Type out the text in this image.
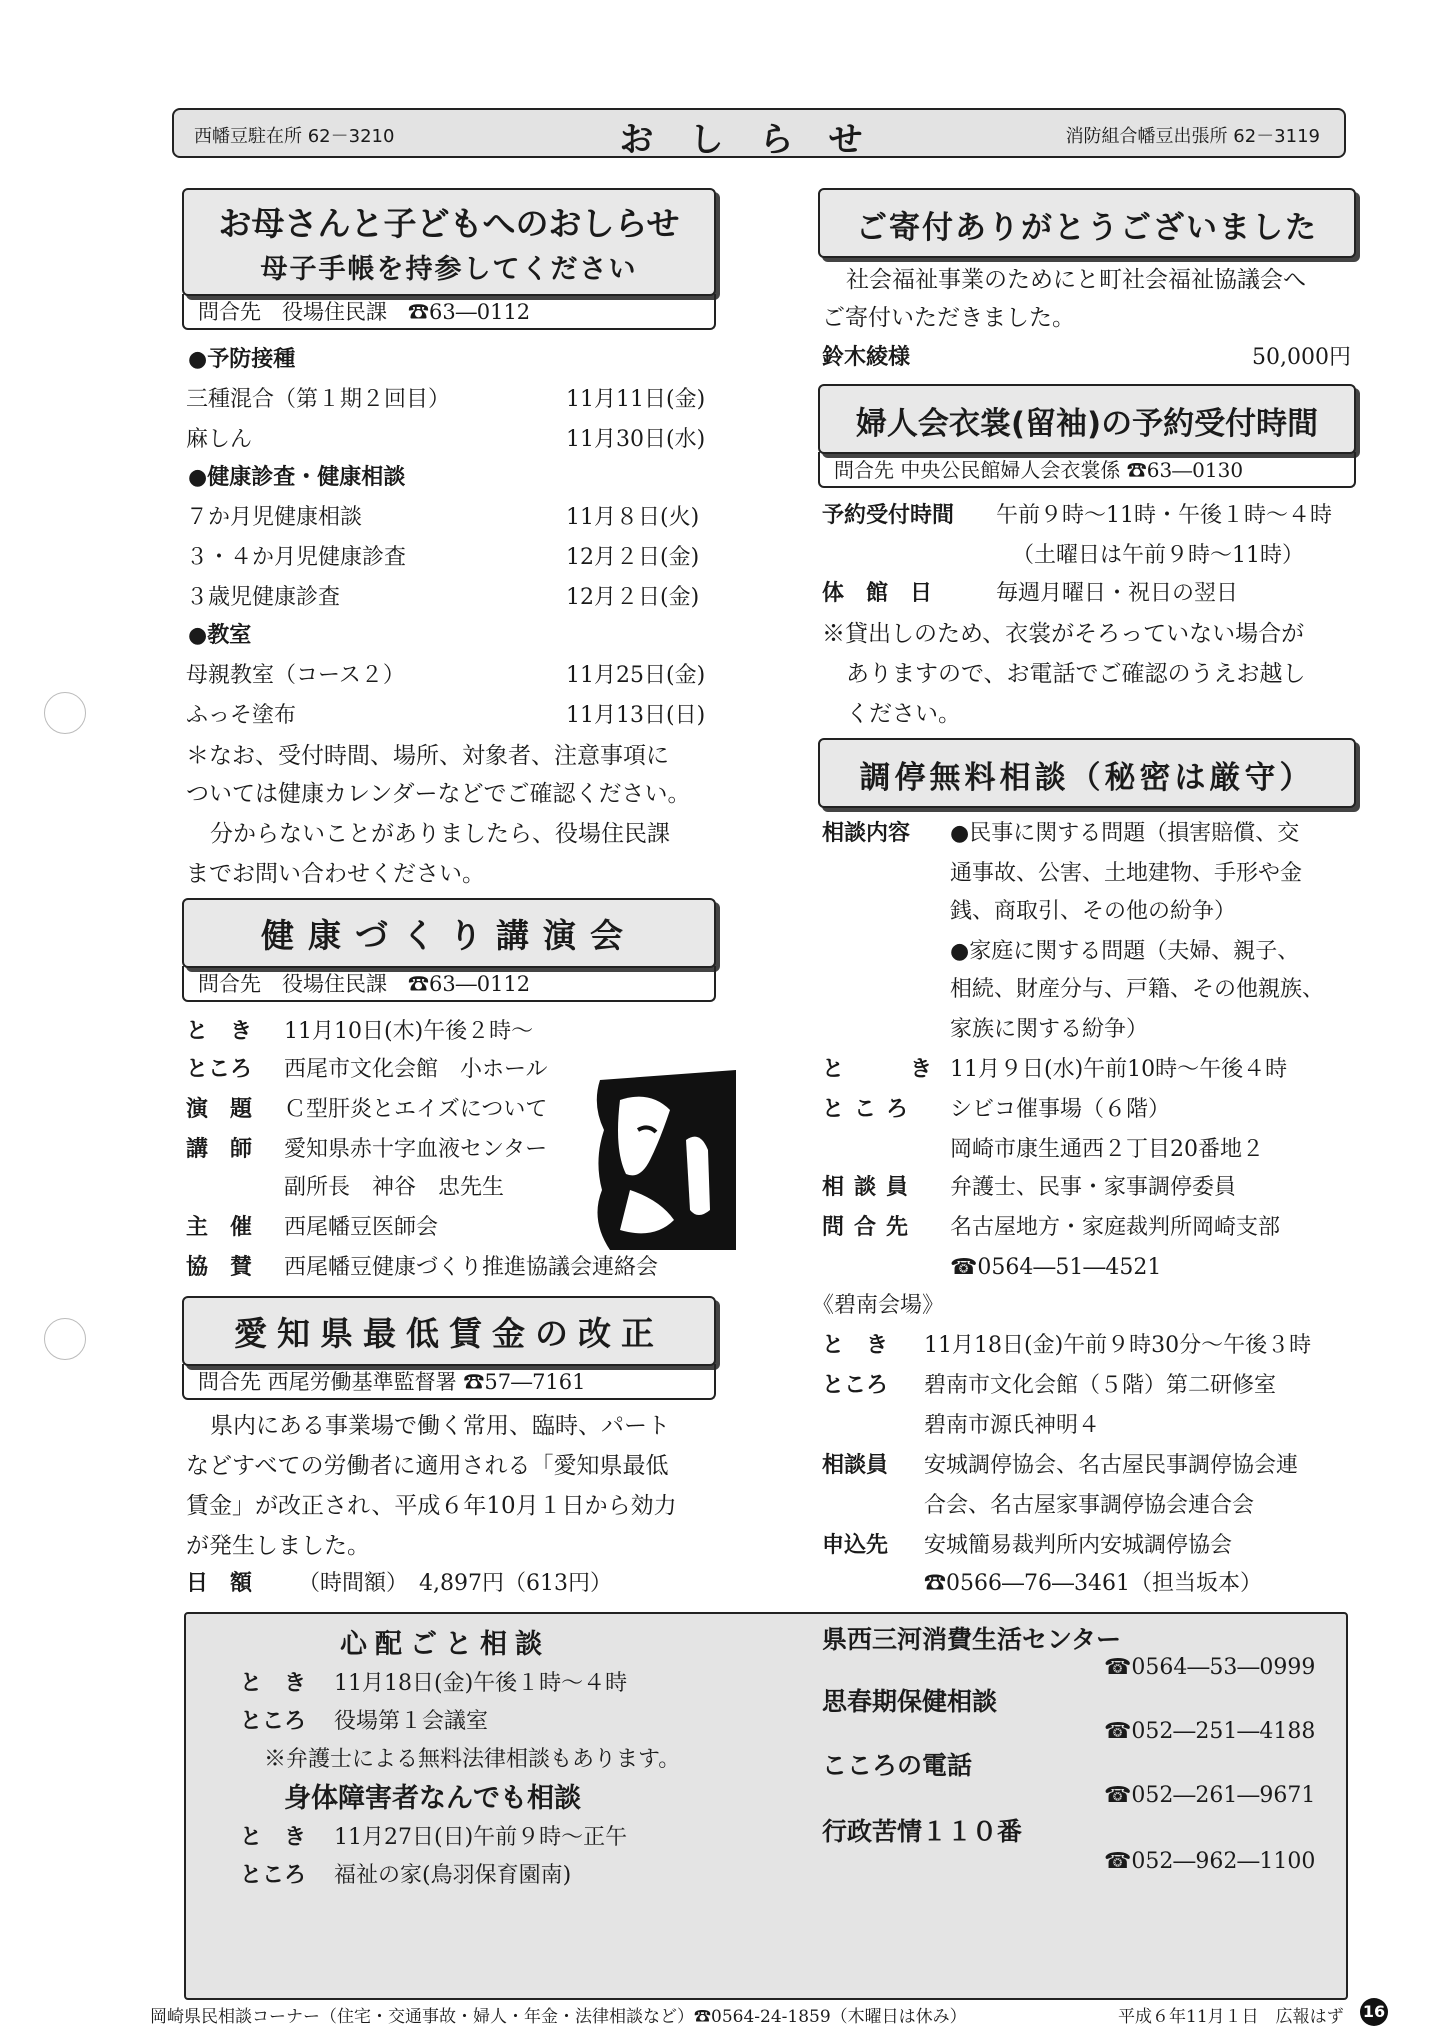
西幡豆駐在所 62－3210	おしらせ	消防組合幡豆出張所 62－3119
お母さんと子どもへのおしらせ
母子手帳を持参してください
問合先　役場住民課　☎63―0112
●予防接種
三種混合（第１期２回目）	11月11日(金)
麻しん	11月30日(水)
●健康診査・健康相談
７か月児健康相談	11月８日(火)
３・４か月児健康診査	12月２日(金)
３歳児健康診査	12月２日(金)
●教室
母親教室（コース２）	11月25日(金)
ふっそ塗布	11月13日(日)
＊なお、受付時間、場所、対象者、注意事項に
ついては健康カレンダーなどでご確認ください。
分からないことがありましたら、役場住民課
までお問い合わせください。
健康づくり講演会
問合先　役場住民課　☎63―0112
と　き 11月10日(木)午後２時～
ところ 西尾市文化会館　小ホール
演　題 Ｃ型肝炎とエイズについて
講　師 愛知県赤十字血液センター
副所長　神谷　忠先生
主　催 西尾幡豆医師会
協　賛 西尾幡豆健康づくり推進協議会連絡会
愛知県最低賃金の改正
問合先 西尾労働基準監督署 ☎57―7161
県内にある事業場で働く常用、臨時、パート
などすべての労働者に適用される「愛知県最低
賃金」が改正され、平成６年10月１日から効力
が発生しました。
日　額 （時間額）　4,897円（613円）
ご寄付ありがとうございました
社会福祉事業のためにと町社会福祉協議会へ
ご寄付いただきました。
鈴木綾様	50,000円
婦人会衣裳(留袖)の予約受付時間
問合先 中央公民館婦人会衣裳係 ☎63―0130
予約受付時間 午前９時～11時・午後１時～４時
（土曜日は午前９時～11時）
体　館　日	毎週月曜日・祝日の翌日
※貸出しのため、衣裳がそろっていない場合が
ありますので、お電話でご確認のうえお越し
ください。
調停無料相談（秘密は厳守）
相談内容 ●民事に関する問題（損害賠償、交
通事故、公害、土地建物、手形や金
銭、商取引、その他の紛争）
●家庭に関する問題（夫婦、親子、
相続、財産分与、戸籍、その他親族、
家族に関する紛争）
と　き
11月９日(水)午前10時～午後４時
ところ シビコ催事場（６階）
岡崎市康生通西２丁目20番地２
相談員 弁護士、民事・家事調停委員
問合先 名古屋地方・家庭裁判所岡崎支部
☎0564―51―4521
《碧南会場》
と　き 11月18日(金)午前９時30分～午後３時
ところ 碧南市文化会館（５階）第二研修室
碧南市源氏神明４
相談員 安城調停協会、名古屋民事調停協会連
合会、名古屋家事調停協会連合会
申込先 安城簡易裁判所内安城調停協会
☎0566―76―3461（担当坂本）
心配ごと相談
と　き 11月18日(金)午後１時～４時
ところ 役場第１会議室
※弁護士による無料法律相談もあります。
身体障害者なんでも相談
と　き 11月27日(日)午前９時～正午
ところ 福祉の家(鳥羽保育園南)
県西三河消費生活センター
☎0564―53―0999
思春期保健相談
☎052―251―4188
こころの電話
☎052―261―9671
行政苦情１１０番
☎052―962―1100
岡崎県民相談コーナー（住宅・交通事故・婦人・年金・法律相談など）☎0564-24-1859（木曜日は休み）	平成６年11月１日　広報はず 16
